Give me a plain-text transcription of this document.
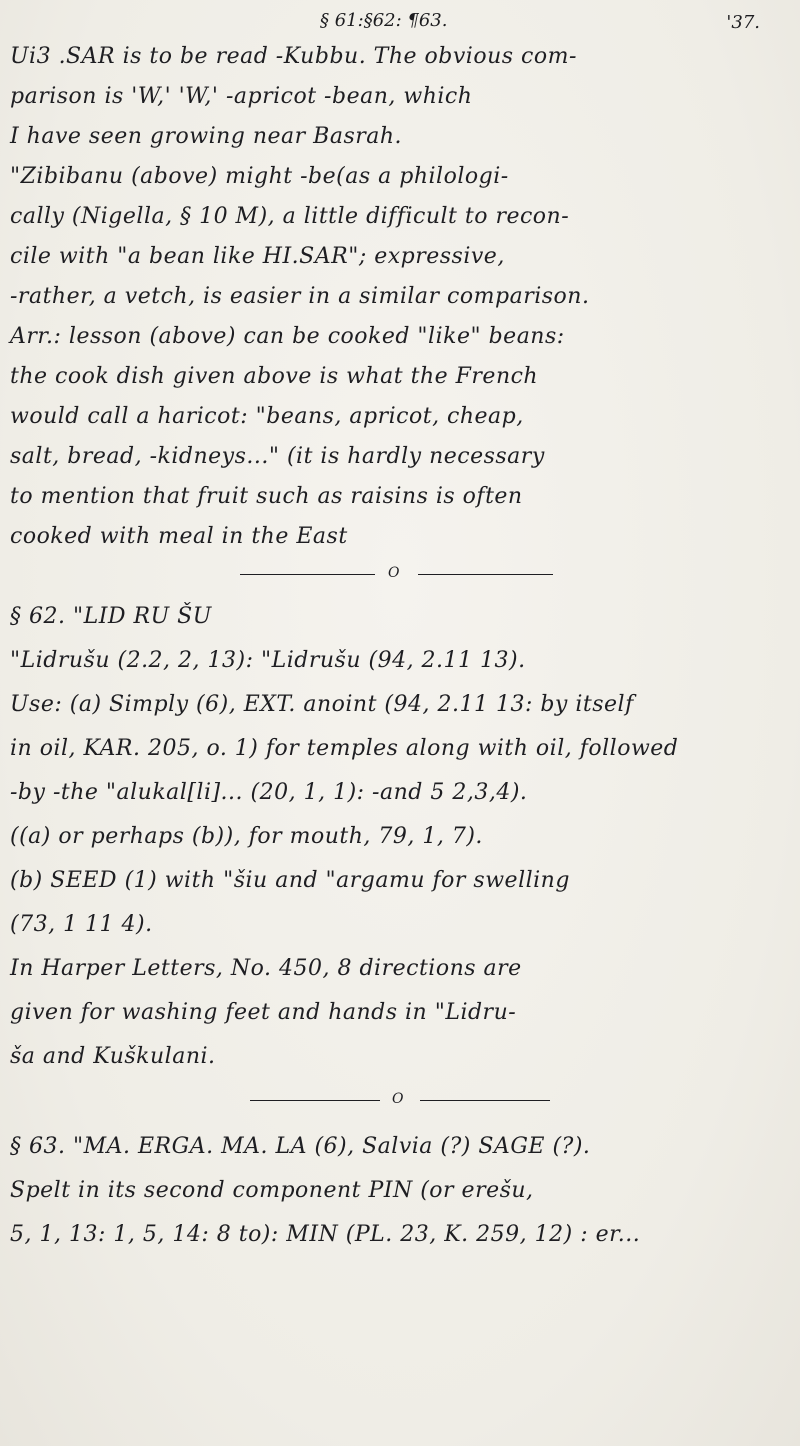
§ 61:§62: ¶63.	'37.
Ui3 .SAR is to be read -Kubbu. The obvious com-
parison is 'W,' 'W,' -apricot -bean, which
I have seen growing near Basrah.
"Zibibanu (above) might -be(as a philologi-
cally (Nigella, § 10 M), a little difficult to recon-
cile with "a bean like HI.SAR"; expressive,
-rather, a vetch, is easier in a similar comparison.
Arr.: lesson (above) can be cooked "like" beans:
the cook dish given above is what the French
would call a haricot: "beans, apricot, cheap,
salt, bread, -kidneys..." (it is hardly necessary
to mention that fruit such as raisins is often
cooked with meal in the East
O
§ 62. "LID RU ŠU
"Lidrušu (2.2, 2, 13): "Lidrušu (94, 2.11 13).
Use: (a) Simply (6), EXT. anoint (94, 2.11 13: by itself
in oil, KAR. 205, o. 1) for temples along with oil, followed
-by -the "alukal[li]... (20, 1, 1): -and 5 2,3,4).
((a) or perhaps (b)), for mouth, 79, 1, 7).
(b) SEED (1) with "šiu and "argamu for swelling
(73, 1 11 4).
In Harper Letters, No. 450, 8 directions are
given for washing feet and hands in "Lidru-
ša and Kuškulani.
O
§ 63. "MA. ERGA. MA. LA (6), Salvia (?) SAGE (?).
Spelt in its second component PIN (or erešu,
5, 1, 13: 1, 5, 14: 8 to): MIN (PL. 23, K. 259, 12) : er...
